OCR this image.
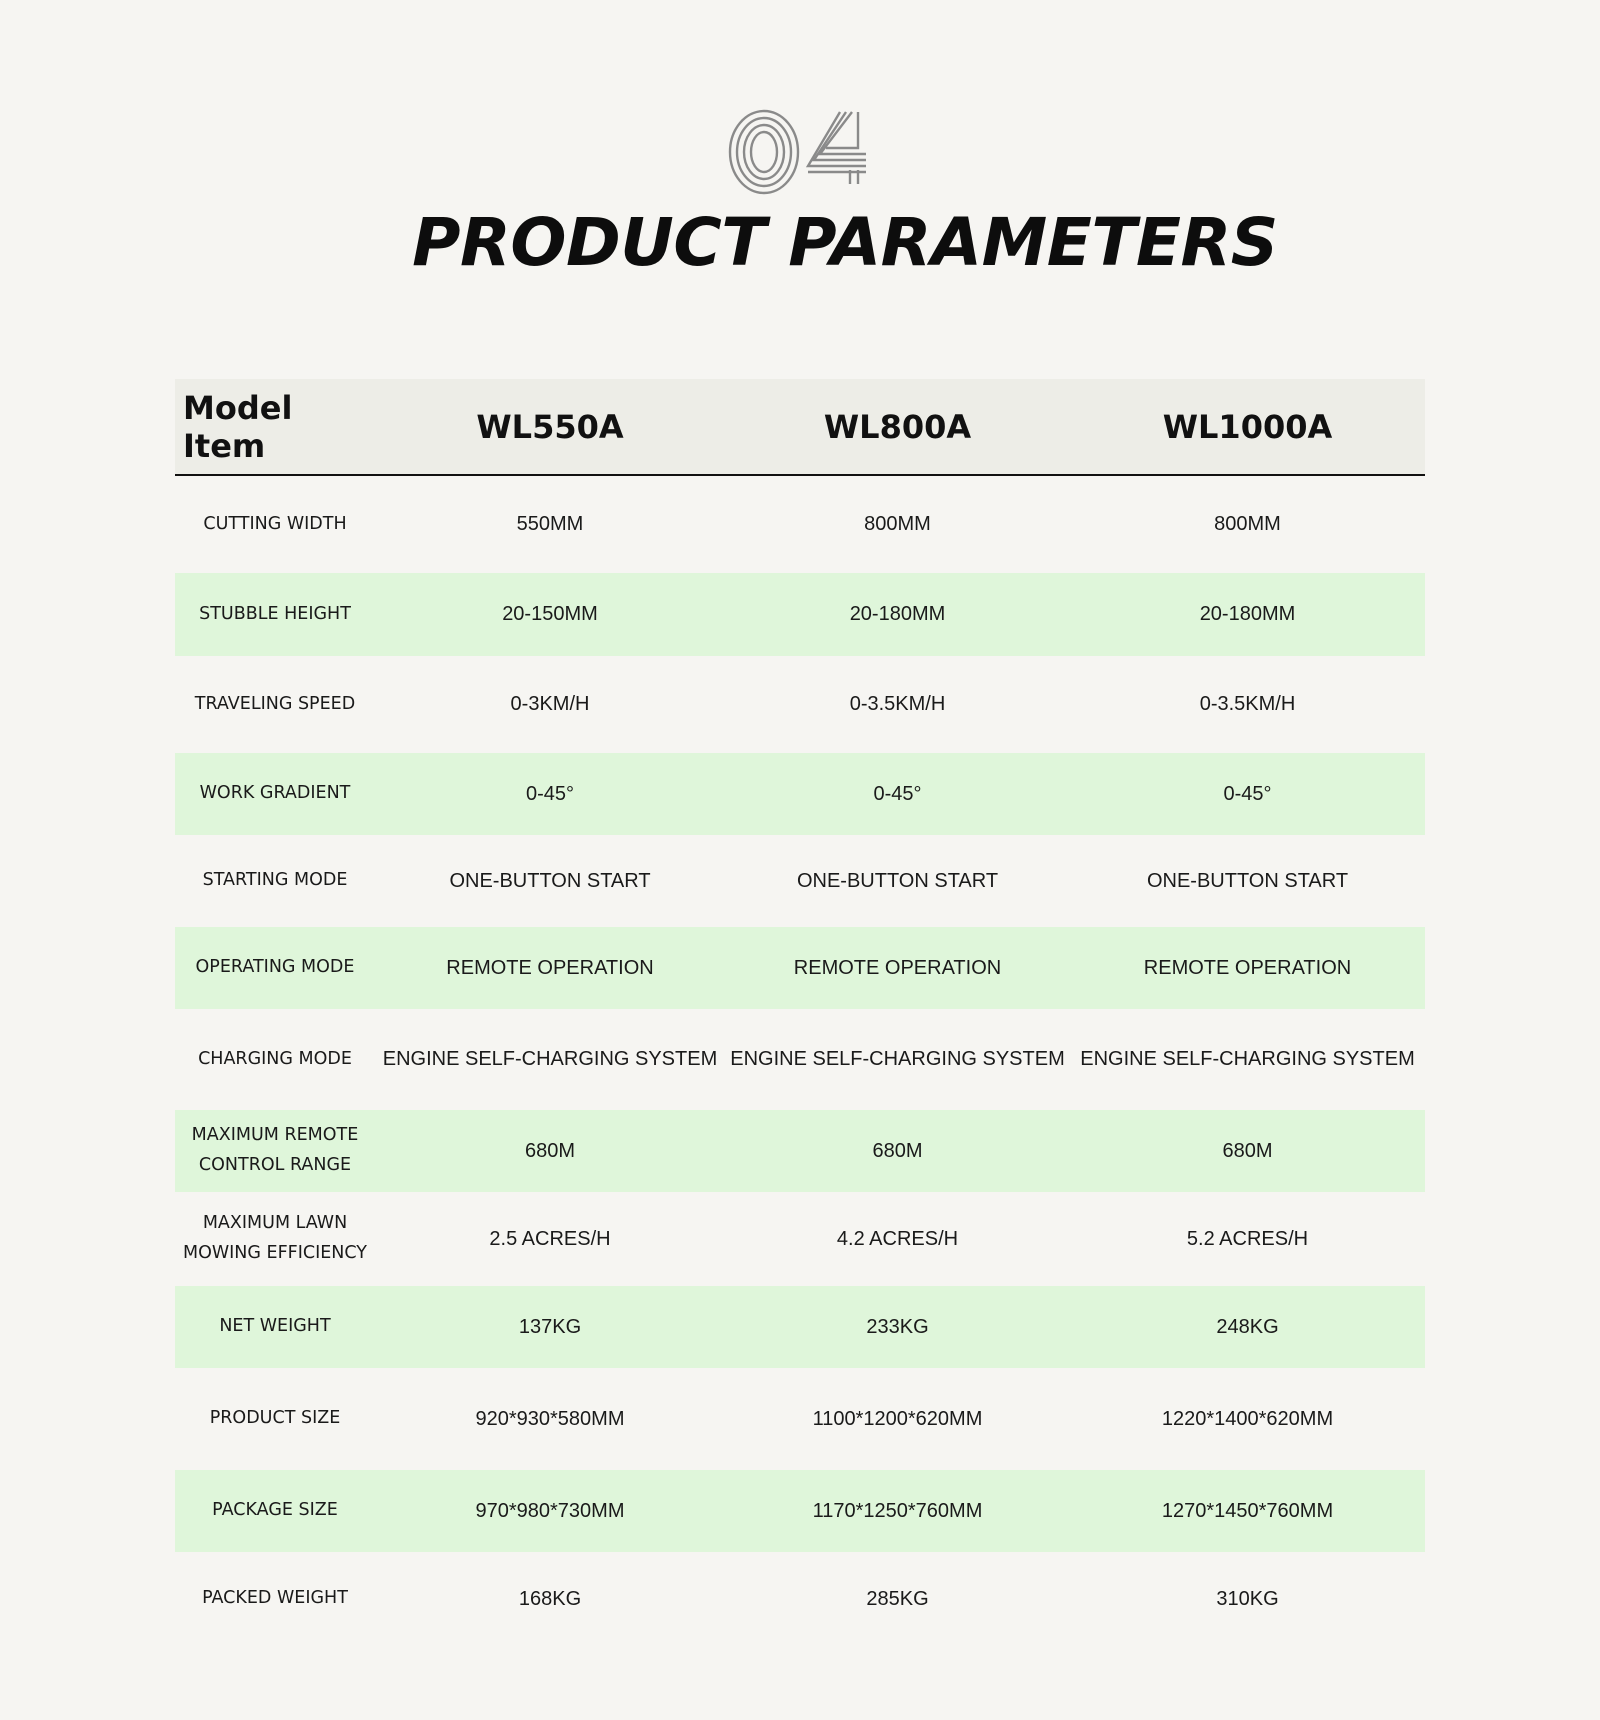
PRODUCT PARAMETERS
Model Item	WL550A	WL800A	WL1000A
CUTTING WIDTH	550MM	800MM	800MM
STUBBLE HEIGHT	20-150MM	20-180MM	20-180MM
TRAVELING SPEED	0-3KM/H	0-3.5KM/H	0-3.5KM/H
WORK GRADIENT	0-45°	0-45°	0-45°
STARTING MODE	ONE-BUTTON START	ONE-BUTTON START	ONE-BUTTON START
OPERATING MODE	REMOTE OPERATION	REMOTE OPERATION	REMOTE OPERATION
CHARGING MODE	ENGINE SELF-CHARGING SYSTEM	ENGINE SELF-CHARGING SYSTEM	ENGINE SELF-CHARGING SYSTEM
MAXIMUM REMOTE
CONTROL RANGE	680M	680M	680M
MAXIMUM LAWN
MOWING EFFICIENCY	2.5 ACRES/H	4.2 ACRES/H	5.2 ACRES/H
NET WEIGHT	137KG	233KG	248KG
PRODUCT SIZE	920*930*580MM	1100*1200*620MM	1220*1400*620MM
PACKAGE SIZE	970*980*730MM	1170*1250*760MM	1270*1450*760MM
PACKED WEIGHT	168KG	285KG	310KG
